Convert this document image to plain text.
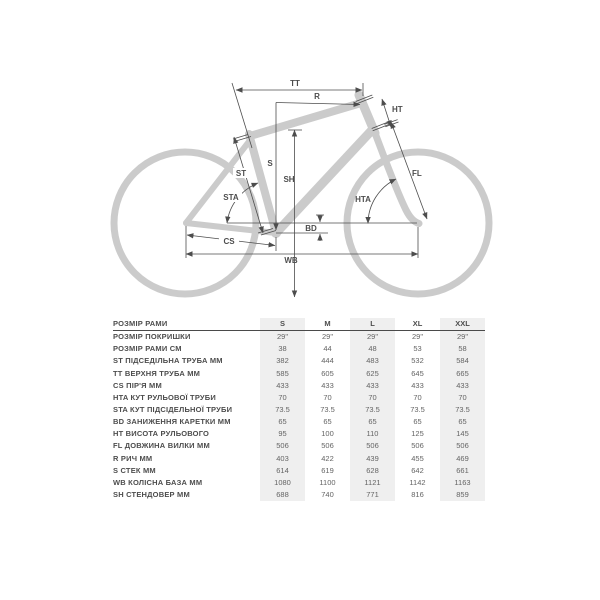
TT
R
HT
S
SH
ST
STA	HTA
FL
BD
CS
WB
РОЗМІР РАМИ	S	M	L	XL	XXL
РОЗМІР ПОКРИШКИ	29"	29"	29"	29"	29"
РОЗМІР РАМИ СМ	38	44	48	53	58
ST ПІДСЕДІЛЬНА ТРУБА ММ	382	444	483	532	584
TT ВЕРХНЯ ТРУБА ММ	585	605	625	645	665
CS ПІР'Я ММ	433	433	433	433	433
HTA КУТ РУЛЬОВОЇ ТРУБИ	70	70	70	70	70
STA КУТ ПІДСІДЕЛЬНОЇ ТРУБИ	73.5	73.5	73.5	73.5	73.5
BD ЗАНИЖЕННЯ КАРЕТКИ ММ	65	65	65	65	65
HT ВИСОТА РУЛЬОВОГО	95	100	110	125	145
FL ДОВЖИНА ВИЛКИ ММ	506	506	506	506	506
R РИЧ ММ	403	422	439	455	469
S СТЕК ММ	614	619	628	642	661
WB КОЛІСНА БАЗА ММ	1080	1100	1121	1142	1163
SH СТЕНДОВЕР ММ	688	740	771	816	859
